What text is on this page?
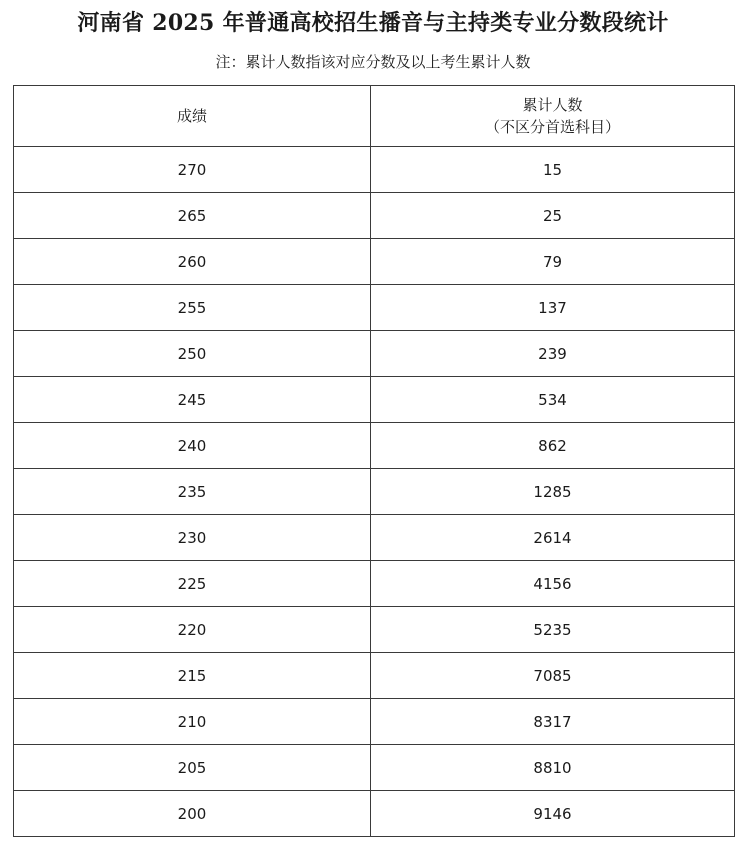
河南省 2025 年普通高校招生播音与主持类专业分数段统计
注：累计人数指该对应分数及以上考生累计人数
成绩	累计人数
（不区分首选科目）

270	15
265	25
260	79
255	137
250	239
245	534
240	862
235	1285
230	2614
225	4156
220	5235
215	7085
210	8317
205	8810
200	9146
